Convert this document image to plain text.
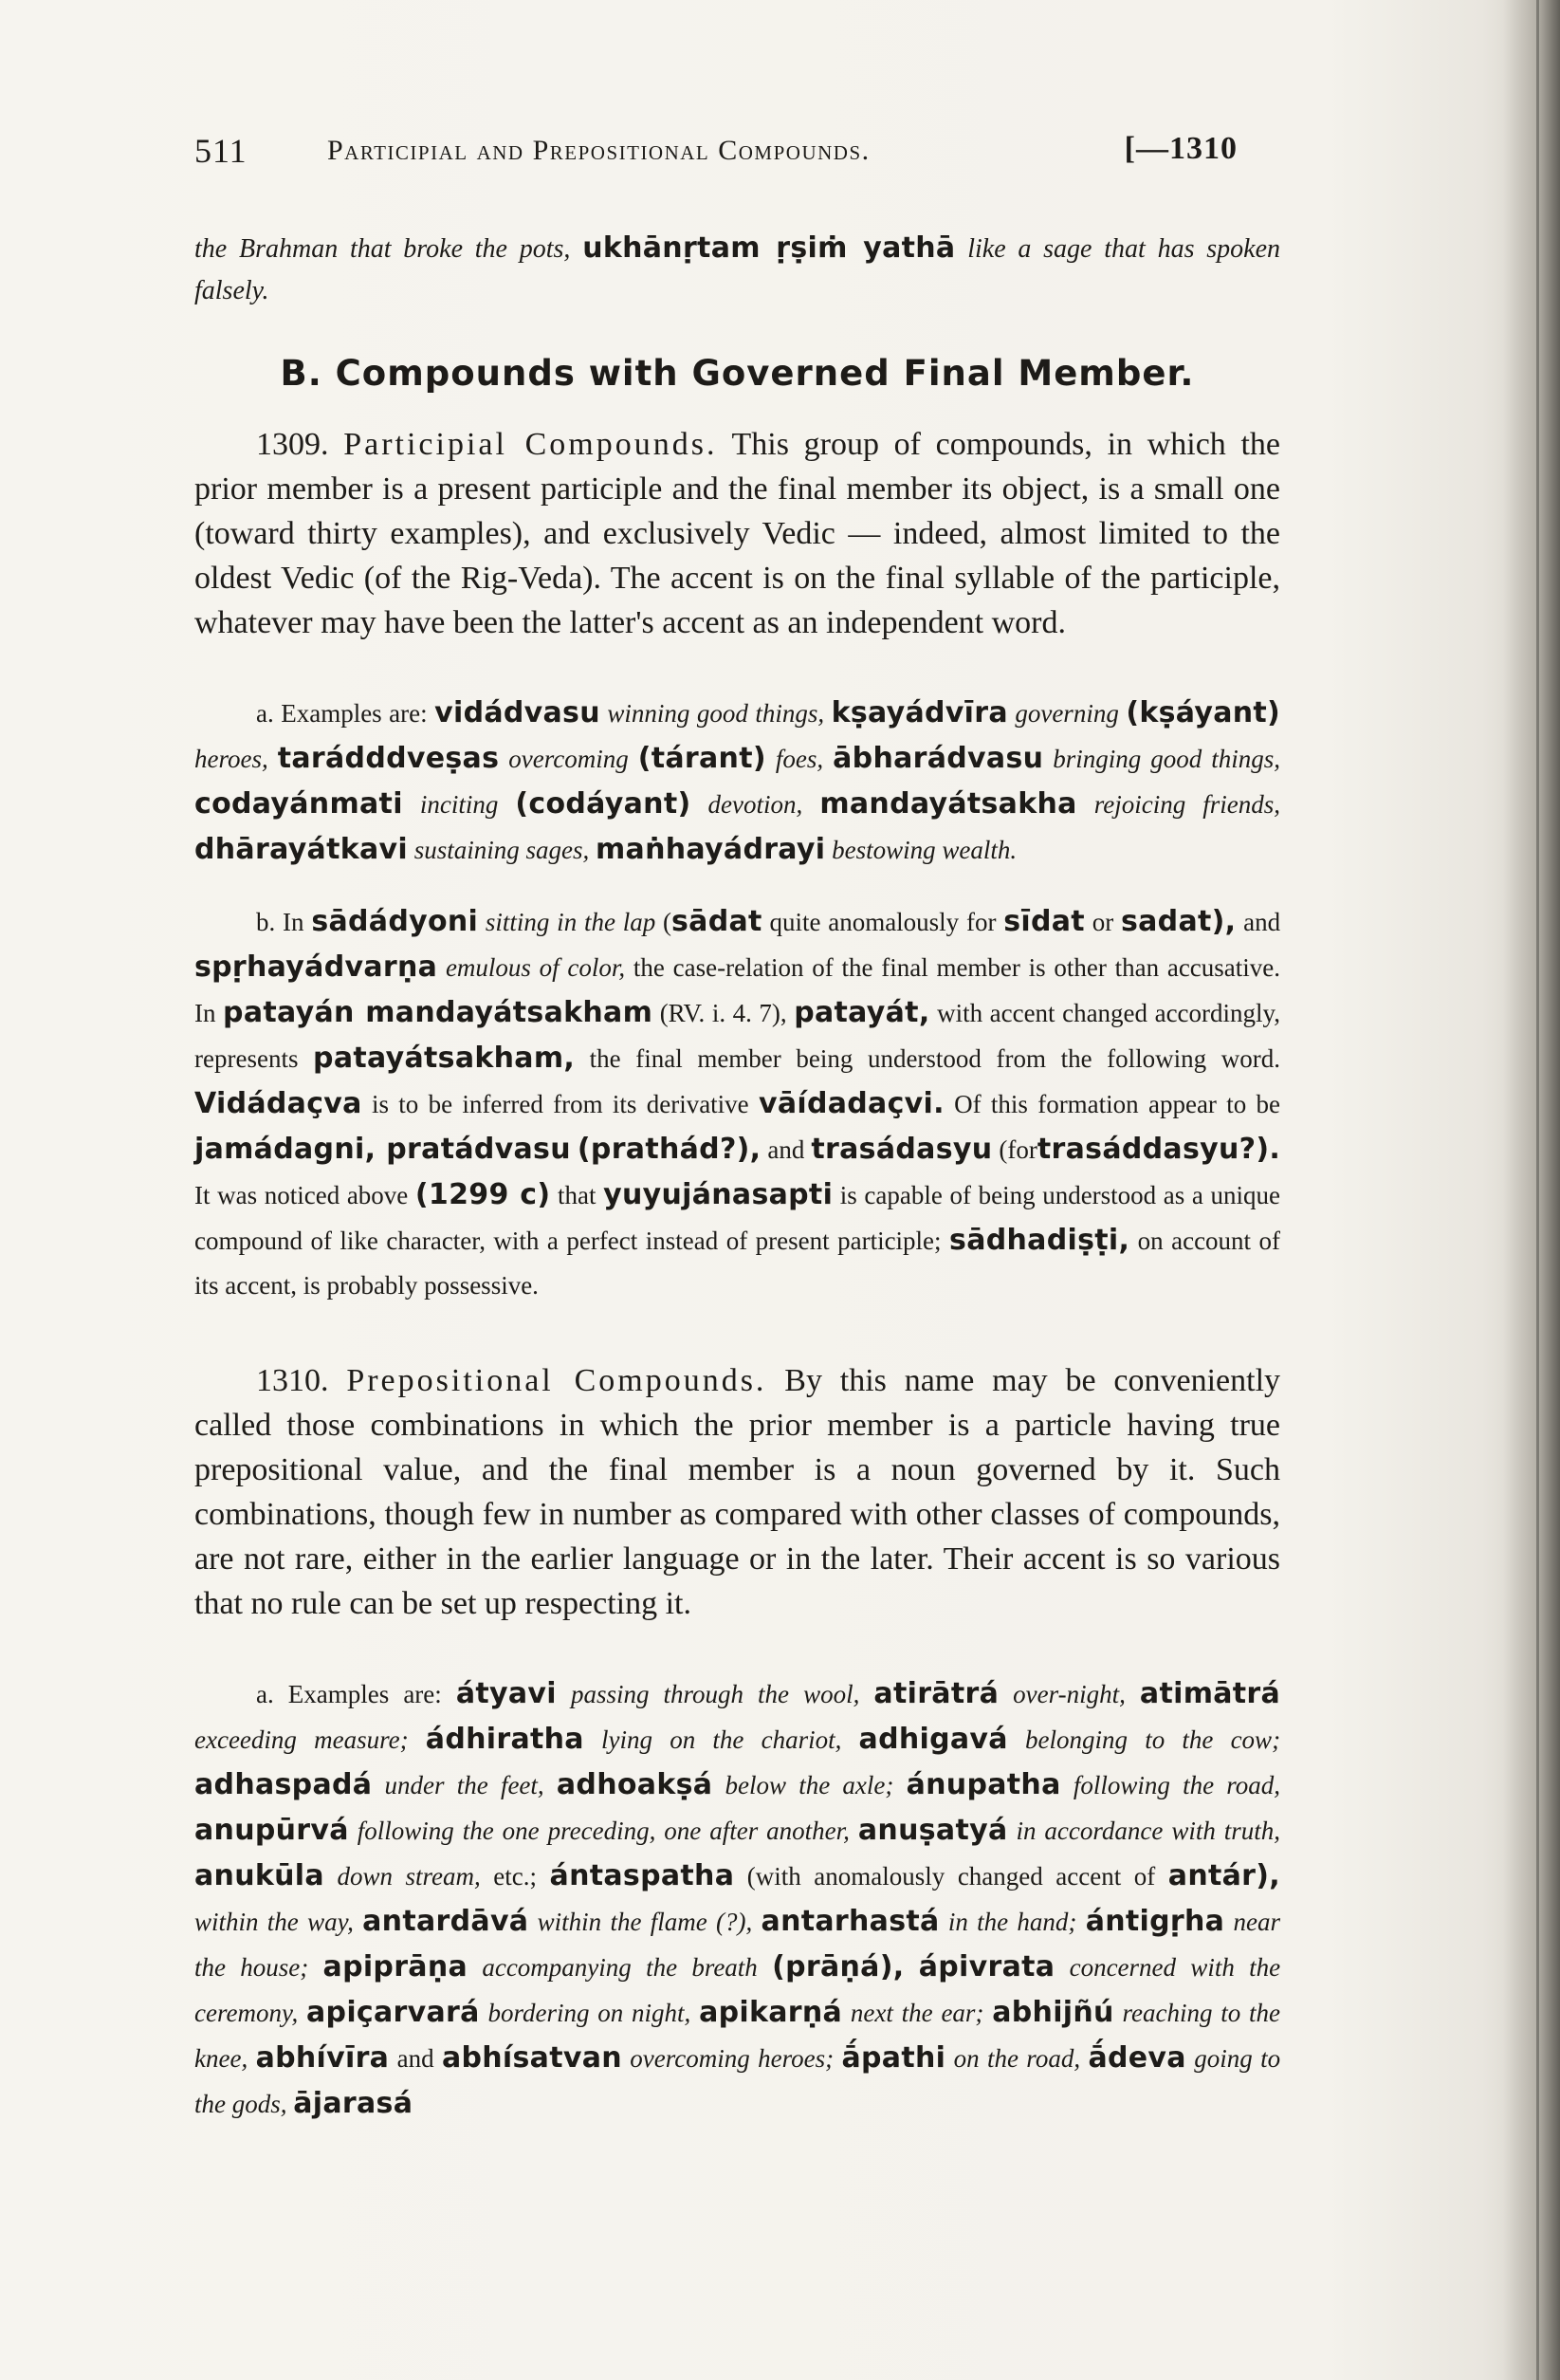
511	Participial and Prepositional Compounds.	[—1310

the Brahman that broke the pots, ukhānṛtam ṛṣiṁ yathā like a sage that has spoken falsely.

B. Compounds with Governed Final Member.

1309. Participial Compounds. This group of compounds, in which the prior member is a present participle and the final member its object, is a small one (toward thirty examples), and exclusively Vedic — indeed, almost limited to the oldest Vedic (of the Rig-Veda). The accent is on the final syllable of the participle, whatever may have been the latter's accent as an independent word.

a. Examples are: vidádvasu winning good things, kṣayádvīra governing (kṣáyant) heroes, tarádddveṣas overcoming (tárant) foes, ābharádvasu bringing good things, codayánmati inciting (codáyant) devotion, mandayátsakha rejoicing friends, dhārayátkavi sustaining sages, maṅhayádrayi bestowing wealth.

b. In sādádyoni sitting in the lap (sādat quite anomalously for sīdat or sadat), and spṛhayádvarṇa emulous of color, the case-relation of the final member is other than accusative. In patayán mandayátsakham (RV. i. 4. 7), patayát, with accent changed accordingly, represents patayátsakham, the final member being understood from the following word. Vidádaçva is to be inferred from its derivative vāídadaçvi. Of this formation appear to be jamádagni, pratádvasu (prathád?), and trasádasyu (fortrasáddasyu?). It was noticed above (1299 c) that yuyujánasapti is capable of being understood as a unique compound of like character, with a perfect instead of present participle; sādhadiṣṭi, on account of its accent, is probably possessive.

1310. Prepositional Compounds. By this name may be conveniently called those combinations in which the prior member is a particle having true prepositional value, and the final member is a noun governed by it. Such combinations, though few in number as compared with other classes of compounds, are not rare, either in the earlier language or in the later. Their accent is so various that no rule can be set up respecting it.

a. Examples are: átyavi passing through the wool, atirātrá over-night, atimātrá exceeding measure; ádhiratha lying on the chariot, adhigavá belonging to the cow; adhaspadá under the feet, adhoakṣá below the axle; ánupatha following the road, anupūrvá following the one preceding, one after another, anuṣatyá in accordance with truth, anukūla down stream, etc.; ántaspatha (with anomalously changed accent of antár), within the way, antardāvá within the flame (?), antarhastá in the hand; ántigṛha near the house; apiprāṇa accompanying the breath (prāṇá), ápivrata concerned with the ceremony, apiçarvará bordering on night, apikarṇá next the ear; abhijñú reaching to the knee, abhívīra and abhísatvan overcoming heroes; ā́pathi on the road, ā́deva going to the gods, ājarasá
